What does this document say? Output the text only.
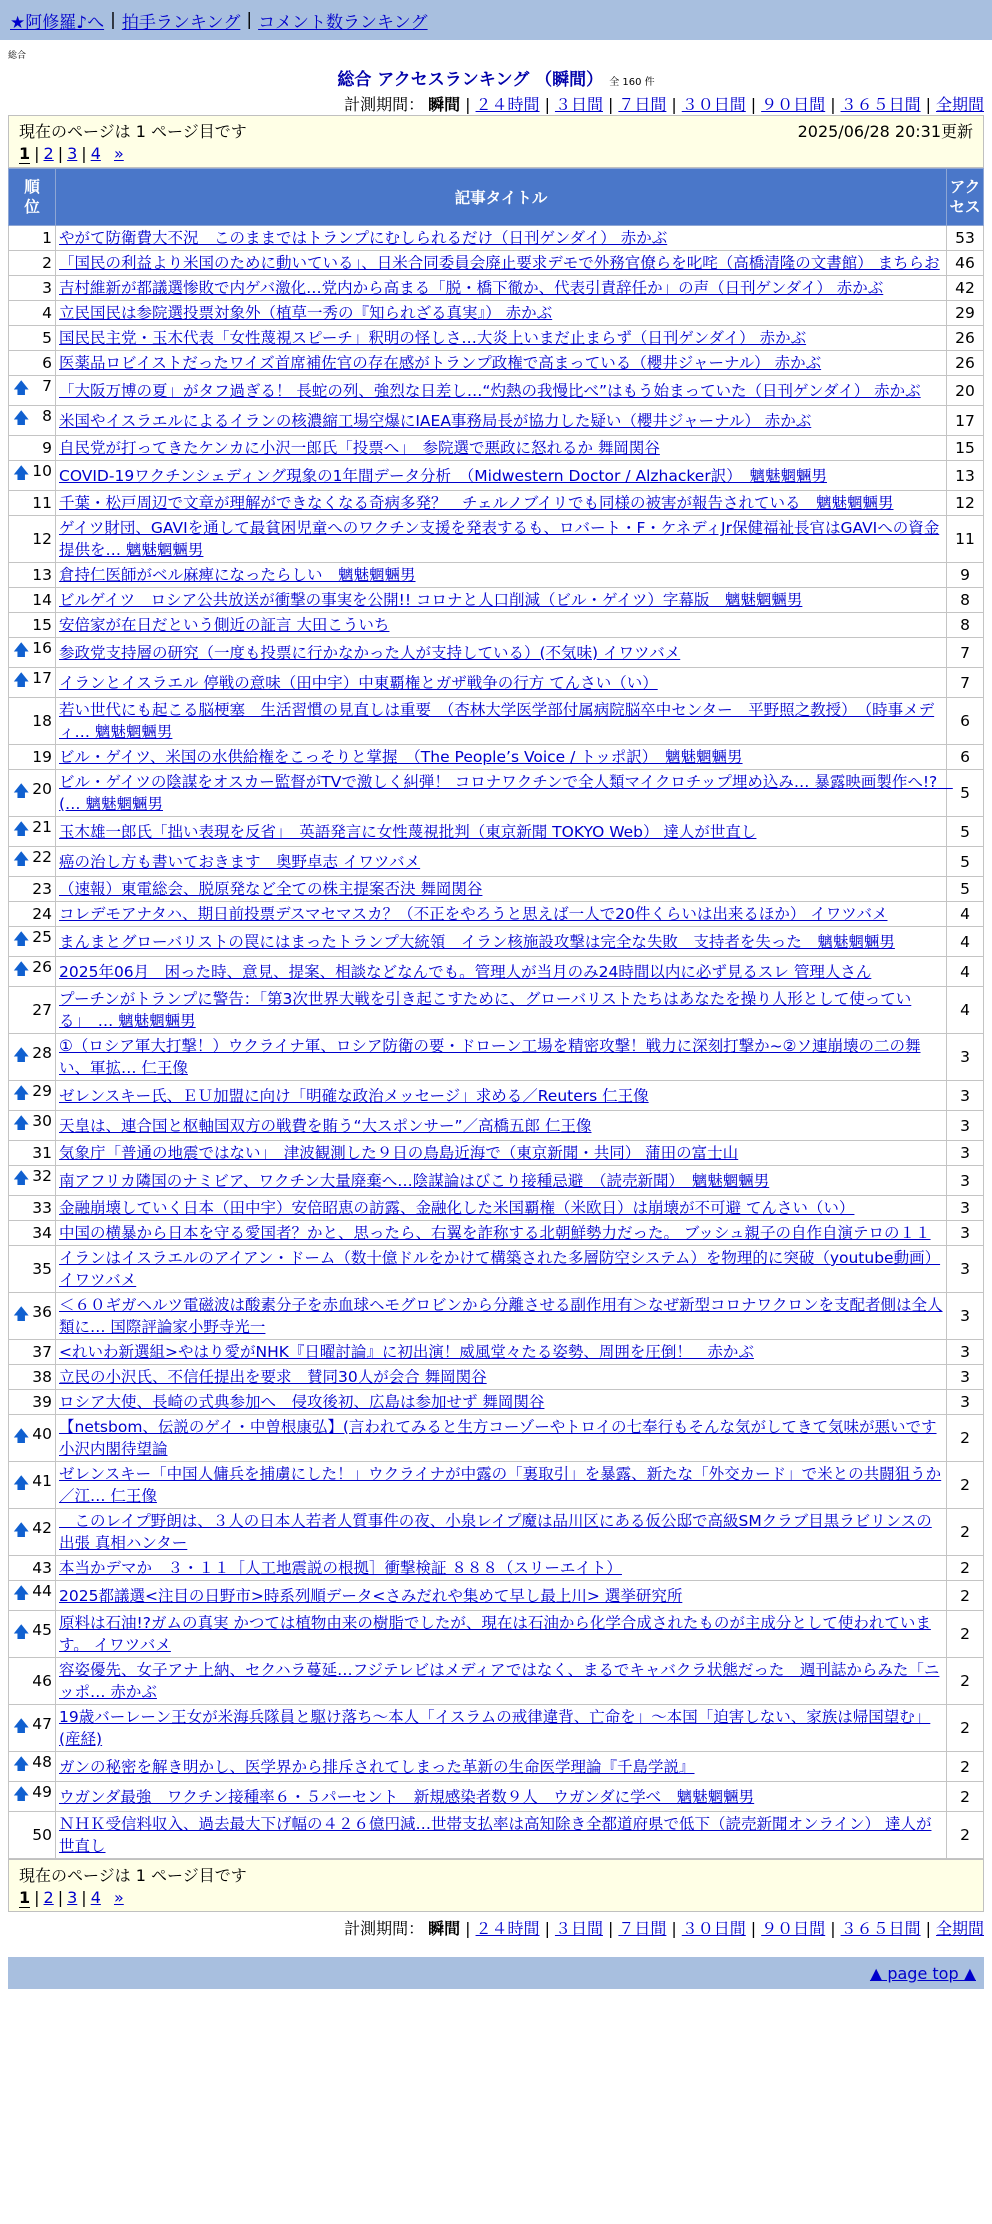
★阿修羅♪へ | 拍手ランキング | コメント数ランキング
総合
総合 アクセスランキング （瞬間） 全 160 件
計測期間： 瞬間 | ２４時間 | ３日間 | ７日間 | ３０日間 | ９０日間 | ３６５日間 | 全期間
現在のページは 1 ページ目です	2025/06/28 20:31更新
1 | 2 | 3 | 4 »
順位	記事タイトル	アクセス
1	やがて防衛費大不況　このままではトランプにむしられるだけ（日刊ゲンダイ） 赤かぶ	53
2	「国民の利益より米国のために動いている」、日米合同委員会廃止要求デモで外務官僚らを叱咤（高橋清隆の文書館） まちらお	46
3	吉村維新が都議選惨敗で内ゲバ激化…党内から高まる「脱・橋下徹か、代表引責辞任か」の声（日刊ゲンダイ） 赤かぶ	42
4	立民国民は参院選投票対象外（植草一秀の『知られざる真実』） 赤かぶ	29
5	国民民主党・玉木代表「女性蔑視スピーチ」釈明の怪しさ…大炎上いまだ止まらず（日刊ゲンダイ） 赤かぶ	26
6	医薬品ロビイストだったワイズ首席補佐官の存在感がトランプ政権で高まっている（櫻井ジャーナル） 赤かぶ	26

🡅 7	「大阪万博の夏」がタフ過ぎる！ 長蛇の列、強烈な日差し…“灼熱の我慢比べ”はもう始まっていた（日刊ゲンダイ） 赤かぶ	20

🡅 8	米国やイスラエルによるイランの核濃縮工場空爆にIAEA事務局長が協力した疑い（櫻井ジャーナル） 赤かぶ	17
9	自民党が打ってきたケンカに小沢一郎氏「投票へ」　参院選で悪政に怒れるか 舞岡関谷	15

🡅 10	COVID-19ワクチンシェディング現象の1年間データ分析　（Midwestern Doctor / Alzhacker訳）　魑魅魍魎男	13
11	千葉・松戸周辺で文章が理解ができなくなる奇病多発？　チェルノブイリでも同様の被害が報告されている　魑魅魍魎男	12
12	ゲイツ財団、GAVIを通して最貧困児童へのワクチン支援を発表するも、ロバート・F・ケネディJr保健福祉長官はGAVIへの資金提供を… 魑魅魍魎男	11
13	倉持仁医師がベル麻痺になったらしい　魑魅魍魎男	9
14	ビルゲイツ　ロシア公共放送が衝撃の事実を公開!! コロナと人口削減（ビル・ゲイツ）字幕版　魑魅魍魎男	8
15	安倍家が在日だという側近の証言 大田こういち	8

🡅 16	参政党支持層の研究（一度も投票に行かなかった人が支持している）(不気味) イワツバメ	7

🡅 17	イランとイスラエル 停戦の意味（田中宇）中東覇権とガザ戦争の行方 てんさい（い）	7
18	若い世代にも起こる脳梗塞　生活習慣の見直しは重要　（杏林大学医学部付属病院脳卒中センター　平野照之教授）　（時事メディ… 魑魅魍魎男	6
19	ビル・ゲイツ、米国の水供給権をこっそりと掌握　（The People’s Voice / トッポ訳）　魑魅魍魎男	6

🡅 20	ビル・ゲイツの陰謀をオスカー監督がTVで激しく糾弾！ コロナワクチンで全人類マイクロチップ埋め込み… 暴露映画製作へ!?　(… 魑魅魍魎男	5

🡅 21	玉木雄一郎氏「拙い表現を反省」　英語発言に女性蔑視批判（東京新聞 TOKYO Web） 達人が世直し	5

🡅 22	癌の治し方も書いておきます　奥野卓志 イワツバメ	5
23	（速報）東電総会、脱原発など全ての株主提案否決 舞岡関谷	5
24	コレデモアナタハ、期日前投票デスマセマスカ？（不正をやろうと思えば一人で20件くらいは出来るほか） イワツバメ	4

🡅 25	まんまとグローバリストの罠にはまったトランプ大統領　イラン核施設攻撃は完全な失敗　支持者を失った　魑魅魍魎男	4

🡅 26	2025年06月　困った時、意見、提案、相談などなんでも。管理人が当月のみ24時間以内に必ず見るスレ 管理人さん	4
27	プーチンがトランプに警告：「第3次世界大戦を引き起こすために、グローバリストたちはあなたを操り人形として使っている」　… 魑魅魍魎男	4

🡅 28	①（ロシア軍大打撃！）ウクライナ軍、ロシア防衛の要・ドローン工場を精密攻撃！戦力に深刻打撃か~②ソ連崩壊の二の舞い、軍拡… 仁王像	3

🡅 29	ゼレンスキー氏、ＥＵ加盟に向け「明確な政治メッセージ」求める／Reuters 仁王像	3

🡅 30	天皇は、連合国と枢軸国双方の戦費を賄う“大スポンサー”／高橋五郎 仁王像	3
31	気象庁「普通の地震ではない」　津波観測した９日の鳥島近海で（東京新聞・共同） 蒲田の富士山	3

🡅 32	南アフリカ隣国のナミビア、ワクチン大量廃棄へ…陰謀論はびこり接種忌避　（読売新聞）　魑魅魍魎男	3
33	金融崩壊していく日本（田中宇）安倍昭恵の訪露、金融化した米国覇権（米欧日）は崩壊が不可避 てんさい（い）	3
34	中国の横暴から日本を守る愛国者？かと、思ったら、右翼を詐称する北朝鮮勢力だった。 ブッシュ親子の自作自演テロの１１	3
35	イランはイスラエルのアイアン・ドーム（数十億ドルをかけて構築された多層防空システム）を物理的に突破（youtube動画） イワツバメ	3

🡅 36	＜６０ギガヘルツ電磁波は酸素分子を赤血球ヘモグロビンから分離させる副作用有＞なぜ新型コロナワクロンを支配者側は全人類に… 国際評論家小野寺光一	3
37	<れいわ新選組>やはり愛がNHK『日曜討論』に初出演！威風堂々たる姿勢、周囲を圧倒！　赤かぶ	3
38	立民の小沢氏、不信任提出を要求　賛同30人が会合 舞岡関谷	3
39	ロシア大使、長崎の式典参加へ　侵攻後初、広島は参加せず 舞岡関谷	3

🡅 40	【netsbom、伝説のゲイ・中曽根康弘】(言われてみると生方コーゾーやトロイの七奉行もそんな気がしてきて気味が悪いです 小沢内閣待望論	2

🡅 41	ゼレンスキー「中国人傭兵を捕虜にした！」ウクライナが中露の「裏取引」を暴露、新たな「外交カード」で米との共闘狙うか／江… 仁王像	2

🡅 42	　このレイプ野朗は、３人の日本人若者人質事件の夜、小泉レイプ魔は品川区にある仮公邸で高級SMクラブ目黒ラビリンスの出張 真相ハンター	2
43	本当かデマか　３・１１［人工地震説の根拠］衝撃検証 ８８８（スリーエイト）	2

🡅 44	2025都議選<注目の日野市>時系列順データ<さみだれや集めて早し最上川> 選挙研究所	2

🡅 45	原料は石油!?ガムの真実 かつては植物由来の樹脂でしたが、現在は石油から化学合成されたものが主成分として使われています。 イワツバメ	2
46	容姿優先、女子アナ上納、セクハラ蔓延…フジテレビはメディアではなく、まるでキャバクラ状態だった　週刊誌からみた「ニッポ… 赤かぶ	2

🡅 47	19歳バーレーン王女が米海兵隊員と駆け落ち～本人「イスラムの戒律違背、亡命を」～本国「迫害しない、家族は帰国望む」(産経)	2

🡅 48	ガンの秘密を解き明かし、医学界から排斥されてしまった革新の生命医学理論『千島学説』	2

🡅 49	ウガンダ最強　ワクチン接種率６・５パーセント　新規感染者数９人　ウガンダに学べ　魑魅魍魎男	2
50	ＮＨＫ受信料収入、過去最大下げ幅の４２６億円減…世帯支払率は高知除き全都道府県で低下（読売新聞オンライン） 達人が世直し	2
現在のページは 1 ページ目です
1 | 2 | 3 | 4 »
計測期間： 瞬間 | ２４時間 | ３日間 | ７日間 | ３０日間 | ９０日間 | ３６５日間 | 全期間
▲ page top ▲
